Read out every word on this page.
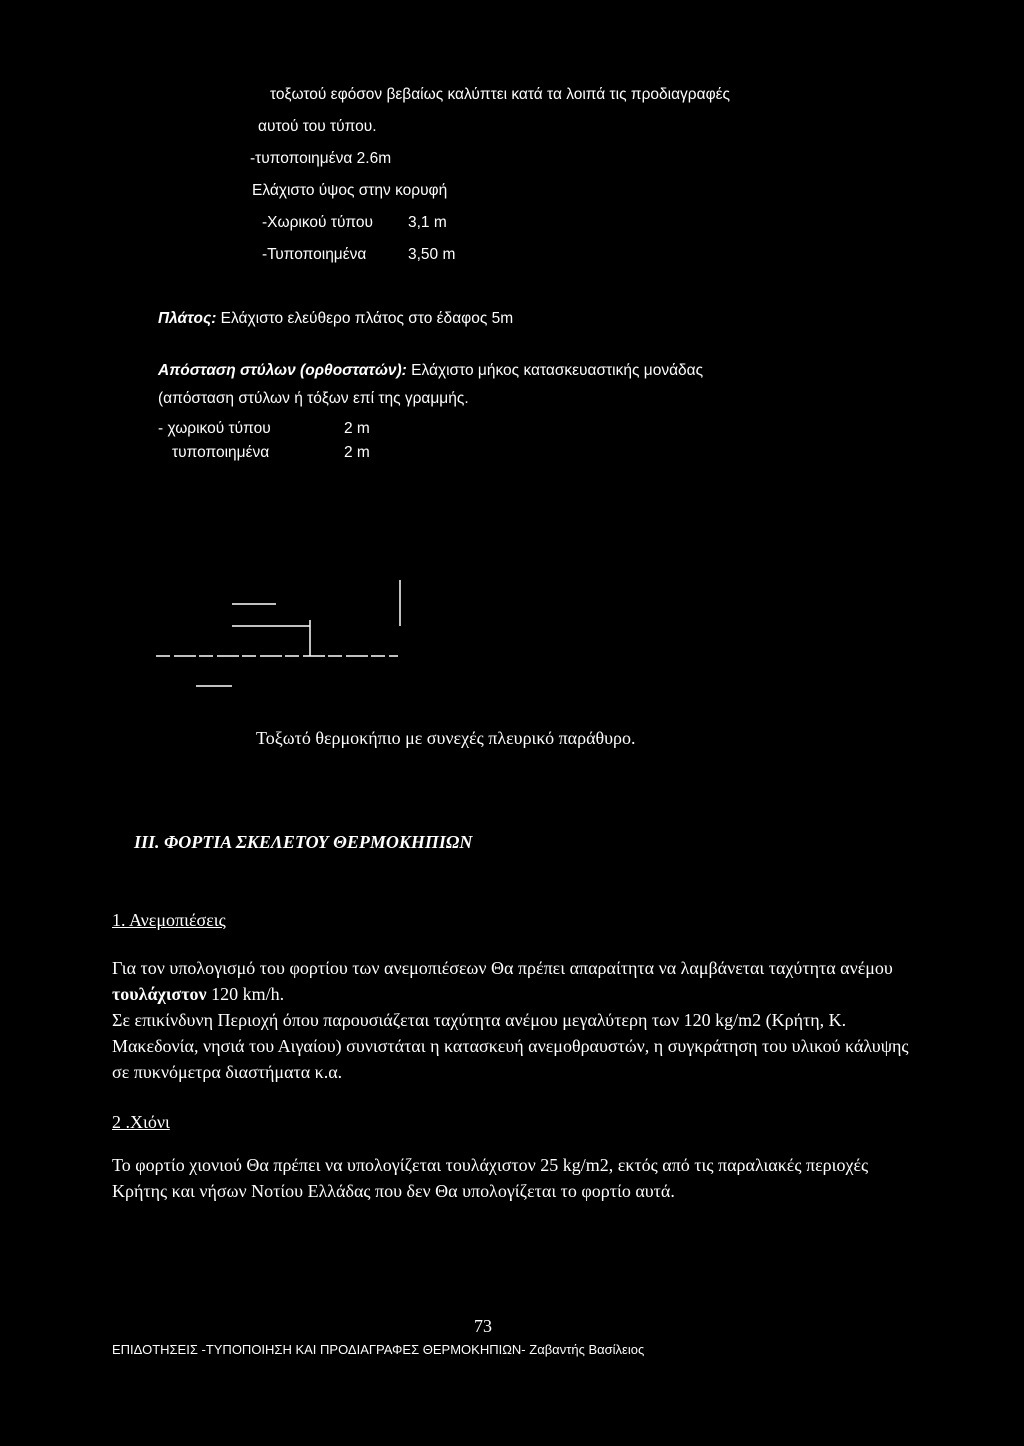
τοξωτού εφόσον βεβαίως καλύπτει κατά τα λοιπά τις προδιαγραφές
αυτού του τύπου.
-τυποποιημένα 2.6m
Ελάχιστο ύψος στην κορυφή
-Χωρικού τύπου 3,1 m
-Τυποποιημένα	3,50 m
Πλάτος: Ελάχιστο ελεύθερο πλάτος στο έδαφος 5m
Απόσταση στύλων (ορθοστατών): Ελάχιστο μήκος κατασκευαστικής μονάδας
(απόσταση στύλων ή τόξων επί της γραμμής.
- χωρικού τύπου	2 m
τυποποιημένα	2 m
Τοξωτό θερμοκήπιο με συνεχές πλευρικό παράθυρο.
III. ΦΟΡΤΙΑ ΣΚΕΛΕΤΟΥ ΘΕΡΜΟΚΗΠΙΩΝ
1. Ανεμοπιέσεις

Για τον υπολογισμό του φορτίου των ανεμοπιέσεων Θα πρέπει απαραίτητα να λαμβάνεται ταχύτητα ανέμου τουλάχιστον 120 km/h.

Σε επικίνδυνη Περιοχή όπου παρουσιάζεται ταχύτητα ανέμου μεγαλύτερη των 120 kg/m2 (Κρήτη, Κ. Μακεδονία, νησιά του Αιγαίου) συνιστάται η κατασκευή ανεμοθραυστών, η συγκράτηση του υλικού κάλυψης σε πυκνόμετρα διαστήματα κ.α.

2 .Χιόνι
Το φορτίο χιονιού Θα πρέπει να υπολογίζεται τουλάχιστον 25 kg/m2, εκτός από τις παραλιακές περιοχές Κρήτης και νήσων Νοτίου Ελλάδας που δεν Θα υπολογίζεται το φορτίο αυτά.
73
ΕΠΙΔΟΤΗΣΕΙΣ -ΤΥΠΟΠΟΙΗΣΗ ΚΑΙ ΠΡΟΔΙΑΓΡΑΦΕΣ ΘΕΡΜΟΚΗΠΙΩΝ- Ζαβαντής Βασίλειος
